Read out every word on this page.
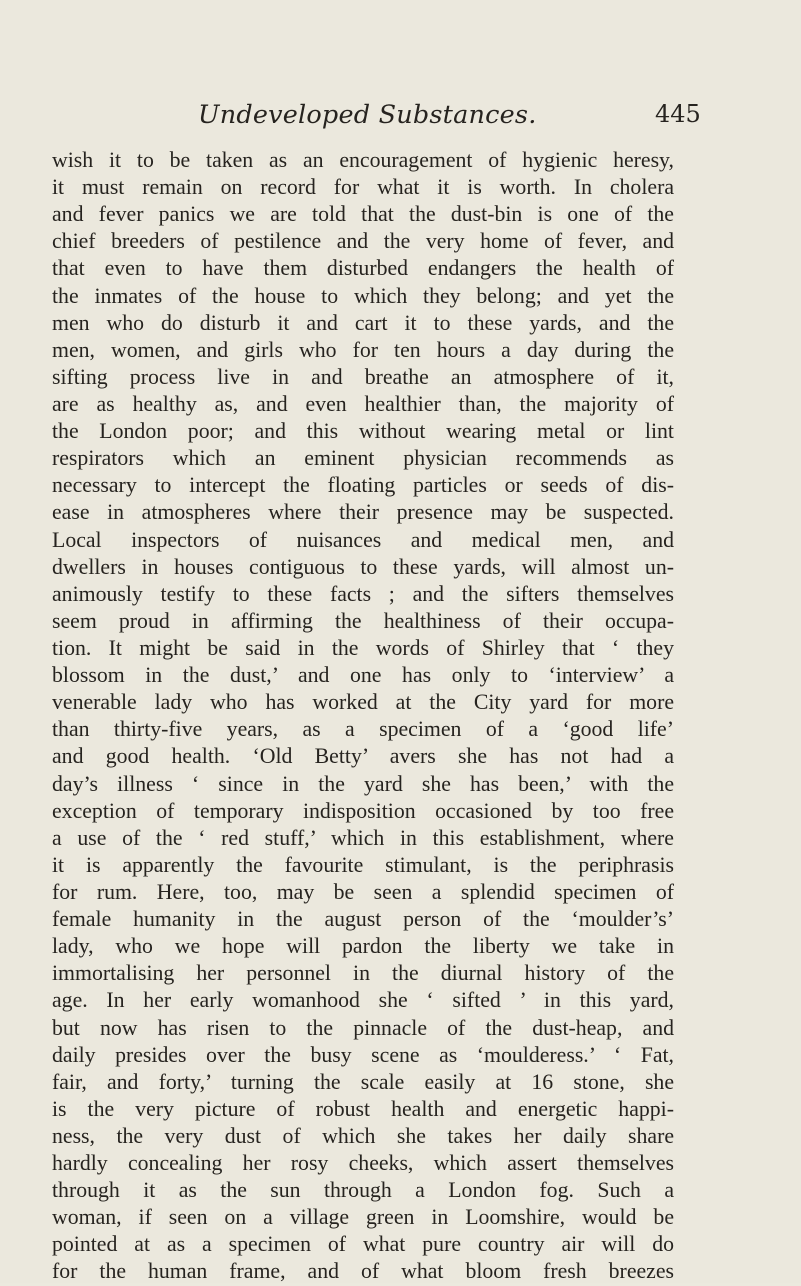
Undeveloped Substances.	445
wish it to be taken as an encouragement of hygienic heresy,
it must remain on record for what it is worth. In cholera
and fever panics we are told that the dust-bin is one of the
chief breeders of pestilence and the very home of fever, and
that even to have them disturbed endangers the health of
the inmates of the house to which they belong; and yet the
men who do disturb it and cart it to these yards, and the
men, women, and girls who for ten hours a day during the
sifting process live in and breathe an atmosphere of it,
are as healthy as, and even healthier than, the majority of
the London poor; and this without wearing metal or lint
respirators which an eminent physician recommends as
necessary to intercept the floating particles or seeds of dis-
ease in atmospheres where their presence may be suspected.
Local inspectors of nuisances and medical men, and
dwellers in houses contiguous to these yards, will almost un-
animously testify to these facts ; and the sifters themselves
seem proud in affirming the healthiness of their occupa-
tion. It might be said in the words of Shirley that ‘ they
blossom in the dust,’ and one has only to ‘interview’ a
venerable lady who has worked at the City yard for more
than thirty-five years, as a specimen of a ‘good life’
and good health. ‘Old Betty’ avers she has not had a
day’s illness ‘ since in the yard she has been,’ with the
exception of temporary indisposition occasioned by too free
a use of the ‘ red stuff,’ which in this establishment, where
it is apparently the favourite stimulant, is the periphrasis
for rum. Here, too, may be seen a splendid specimen of
female humanity in the august person of the ‘moulder’s’
lady, who we hope will pardon the liberty we take in
immortalising her personnel in the diurnal history of the
age. In her early womanhood she ‘ sifted ’ in this yard,
but now has risen to the pinnacle of the dust-heap, and
daily presides over the busy scene as ‘moulderess.’ ‘ Fat,
fair, and forty,’ turning the scale easily at 16 stone, she
is the very picture of robust health and energetic happi-
ness, the very dust of which she takes her daily share
hardly concealing her rosy cheeks, which assert themselves
through it as the sun through a London fog. Such a
woman, if seen on a village green in Loomshire, would be
pointed at as a specimen of what pure country air will do
for the human frame, and of what bloom fresh breezes
